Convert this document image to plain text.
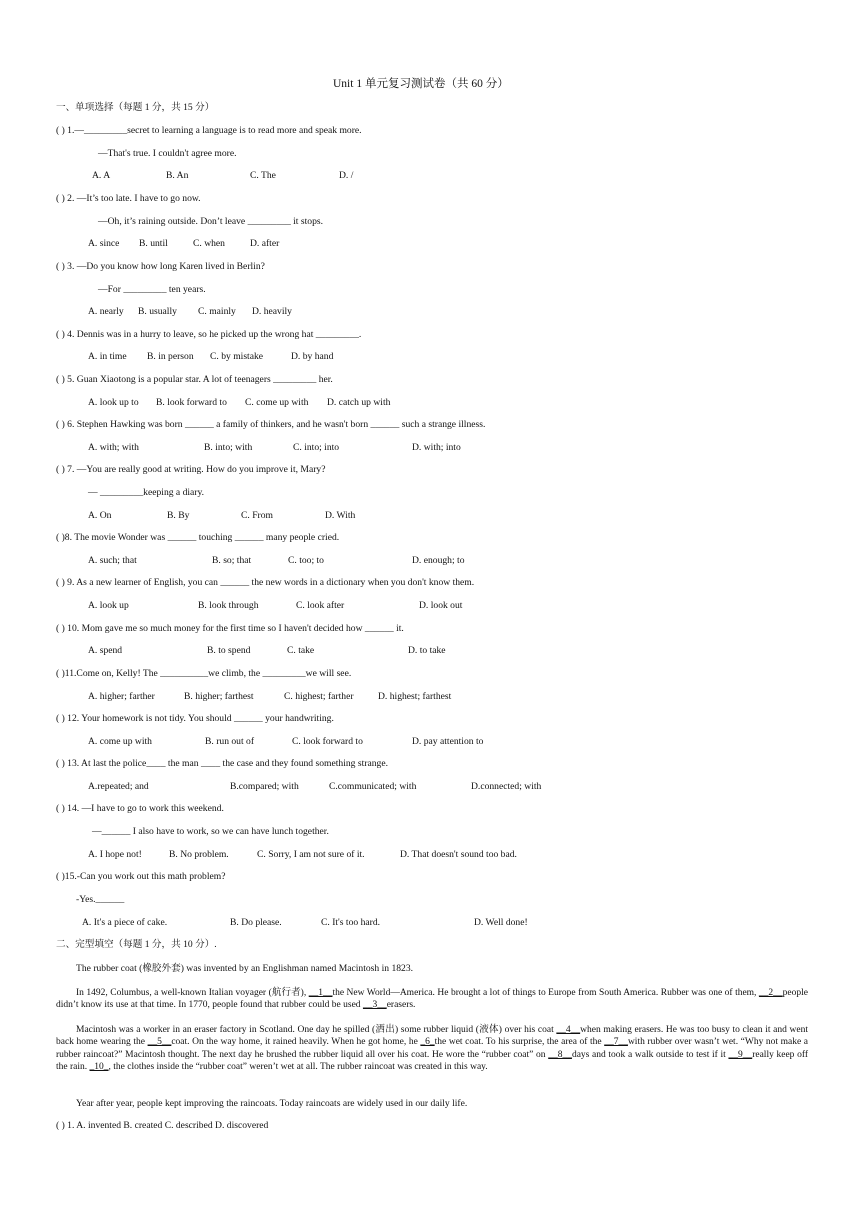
Unit 1 单元复习测试卷（共 60 分）
一、单项选择（每题 1 分，共 15 分）
( ) 1.—_________secret to learning a language is to read more and speak more.
—That's true. I couldn't agree more.
A. A	B. An	C. The	D. /
( ) 2. —It’s too late. I have to go now.
—Oh, it’s raining outside. Don’t leave _________ it stops.
A. since B. until	C. when	D. after
( ) 3. —Do you know how long Karen lived in Berlin?
—For _________ ten years.
A. nearly B. usually C. mainly D. heavily
( ) 4. Dennis was in a hurry to leave, so he picked up the wrong hat _________.
A. in time B. in person C. by mistake	D. by hand
( ) 5. Guan Xiaotong is a popular star. A lot of teenagers _________ her.
A. look up to B. look forward to C. come up with D. catch up with
( ) 6. Stephen Hawking was born ______ a family of thinkers, and he wasn't born ______ such a strange illness.
A. with; with	B. into; with	C. into; into	D. with; into
( ) 7. —You are really good at writing. How do you improve it, Mary?
— _________keeping a diary.
A. On	B. By	C. From	D. With
( )8. The movie Wonder was ______ touching ______ many people cried.
A. such; that	B. so; that	C. too; to	D. enough; to
( ) 9. As a new learner of English, you can ______ the new words in a dictionary when you don't know them.
A. look up	B. look through	C. look after	D. look out
( ) 10. Mom gave me so much money for the first time so I haven't decided how ______ it.
A. spend	B. to spend	C. take	D. to take
( )11.Come on, Kelly! The __________we climb, the _________we will see.
A. higher; farther	B. higher; farthest	C. highest; farther	D. highest; farthest
( ) 12. Your homework is not tidy. You should ______ your handwriting.
A. come up with	B. run out of	C. look forward to	D. pay attention to
( ) 13. At last the police____ the man ____ the case and they found something strange.
A.repeated; and	B.compared; with	C.communicated; with	D.connected; with
( ) 14. —I have to go to work this weekend.
—______ I also have to work, so we can have lunch together.
A. I hope not!	B. No problem.	C. Sorry, I am not sure of it.	D. That doesn't sound too bad.
( )15.-Can you work out this math problem?
-Yes.______
A. It's a piece of cake.	B. Do please.	C. It's too hard.	D. Well done!
二、完型填空（每题 1 分，共 10 分）.
The rubber coat (橡胶外套) was invented by an Englishman named Macintosh in 1823.
In 1492, Columbus, a well-known Italian voyager (航行者), __1__the New World—America. He brought a lot of things to Europe from South America. Rubber was one of them, __2__people didn’t know its use at that time. In 1770, people found that rubber could be used __3__erasers.
Macintosh was a worker in an eraser factory in Scotland. One day he spilled (洒出) some rubber liquid (液体) over his coat __4__when making erasers. He was too busy to clean it and went back home wearing the __5__coat. On the way home, it rained heavily. When he got home, he _6_the wet coat. To his surprise, the area of the __7__with rubber over wasn’t wet. “Why not make a rubber raincoat?” Macintosh thought. The next day he brushed the rubber liquid all over his coat. He wore the “rubber coat” on __8__days and took a walk outside to test if it __9__really keep off the rain. _10_, the clothes inside the “rubber coat” weren’t wet at all. The rubber raincoat was created in this way.
Year after year, people kept improving the raincoats. Today raincoats are widely used in our daily life.
( ) 1. A. invented B. created C. described D. discovered
